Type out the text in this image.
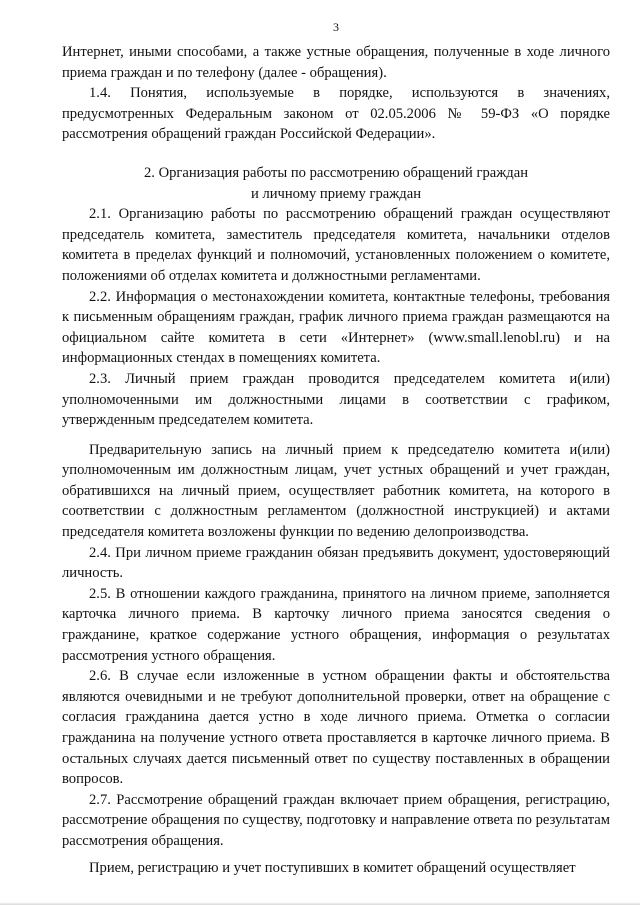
3

Интернет, иными способами, а также устные обращения, полученные в ходе личного приема граждан и по телефону (далее - обращения).

1.4. Понятия, используемые в порядке, используются в значениях, предусмотренных Федеральным законом от 02.05.2006 № 59-ФЗ «О порядке рассмотрения обращений граждан Российской Федерации».

2. Организация работы по рассмотрению обращений граждан
и личному приему граждан

2.1. Организацию работы по рассмотрению обращений граждан осуществляют председатель комитета, заместитель председателя комитета, начальники отделов комитета в пределах функций и полномочий, установленных положением о комитете, положениями об отделах комитета и должностными регламентами.

2.2. Информация о местонахождении комитета, контактные телефоны, требования к письменным обращениям граждан, график личного приема граждан размещаются на официальном сайте комитета в сети «Интернет» (www.small.lenobl.ru) и на информационных стендах в помещениях комитета.

2.3. Личный прием граждан проводится председателем комитета и(или) уполномоченными им должностными лицами в соответствии с графиком, утвержденным председателем комитета.

Предварительную запись на личный прием к председателю комитета и(или) уполномоченным им должностным лицам, учет устных обращений и учет граждан, обратившихся на личный прием, осуществляет работник комитета, на которого в соответствии с должностным регламентом (должностной инструкцией) и актами председателя комитета возложены функции по ведению делопроизводства.

2.4. При личном приеме гражданин обязан предъявить документ, удостоверяющий личность.

2.5. В отношении каждого гражданина, принятого на личном приеме, заполняется карточка личного приема. В карточку личного приема заносятся сведения о гражданине, краткое содержание устного обращения, информация о результатах рассмотрения устного обращения.

2.6. В случае если изложенные в устном обращении факты и обстоятельства являются очевидными и не требуют дополнительной проверки, ответ на обращение с согласия гражданина дается устно в ходе личного приема. Отметка о согласии гражданина на получение устного ответа проставляется в карточке личного приема. В остальных случаях дается письменный ответ по существу поставленных в обращении вопросов.

2.7. Рассмотрение обращений граждан включает прием обращения, регистрацию, рассмотрение обращения по существу, подготовку и направление ответа по результатам рассмотрения обращения.

Прием, регистрацию и учет поступивших в комитет обращений осуществляет
